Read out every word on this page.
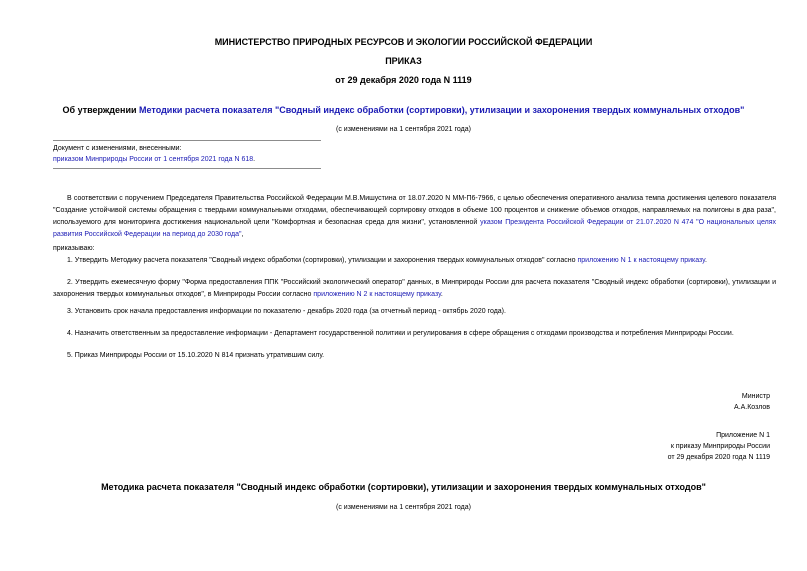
МИНИСТЕРСТВО ПРИРОДНЫХ РЕСУРСОВ И ЭКОЛОГИИ РОССИЙСКОЙ ФЕДЕРАЦИИ
ПРИКАЗ
от 29 декабря 2020 года N 1119
Об утверждении Методики расчета показателя "Сводный индекс обработки (сортировки), утилизации и захоронения твердых коммунальных отходов"
(с изменениями на 1 сентября 2021 года)
Документ с изменениями, внесенными:
приказом Минприроды России от 1 сентября 2021 года N 618.
В соответствии с поручением Председателя Правительства Российской Федерации М.В.Мишустина от 18.07.2020 N ММ-П6-7966, с целью обеспечения оперативного анализа темпа достижения целевого показателя "Создание устойчивой системы обращения с твердыми коммунальными отходами, обеспечивающей сортировку отходов в объеме 100 процентов и снижение объемов отходов, направляемых на полигоны в два раза", используемого для мониторинга достижения национальной цели "Комфортная и безопасная среда для жизни", установленной указом Президента Российской Федерации от 21.07.2020 N 474 "О национальных целях развития Российской Федерации на период до 2030 года",
приказываю:
1. Утвердить Методику расчета показателя "Сводный индекс обработки (сортировки), утилизации и захоронения твердых коммунальных отходов" согласно приложению N 1 к настоящему приказу.
2. Утвердить ежемесячную форму "Форма предоставления ППК "Российский экологический оператор" данных, в Минприроды России для расчета показателя "Сводный индекс обработки (сортировки), утилизации и захоронения твердых коммунальных отходов", в Минприроды России согласно приложению N 2 к настоящему приказу.
3. Установить срок начала предоставления информации по показателю - декабрь 2020 года (за отчетный период - октябрь 2020 года).
4. Назначить ответственным за предоставление информации - Департамент государственной политики и регулирования в сфере обращения с отходами производства и потребления Минприроды России.
5. Приказ Минприроды России от 15.10.2020 N 814 признать утратившим силу.
Министр
А.А.Козлов
Приложение N 1
к приказу Минприроды России
от 29 декабря 2020 года N 1119
Методика расчета показателя "Сводный индекс обработки (сортировки), утилизации и захоронения твердых коммунальных отходов"
(с изменениями на 1 сентября 2021 года)
